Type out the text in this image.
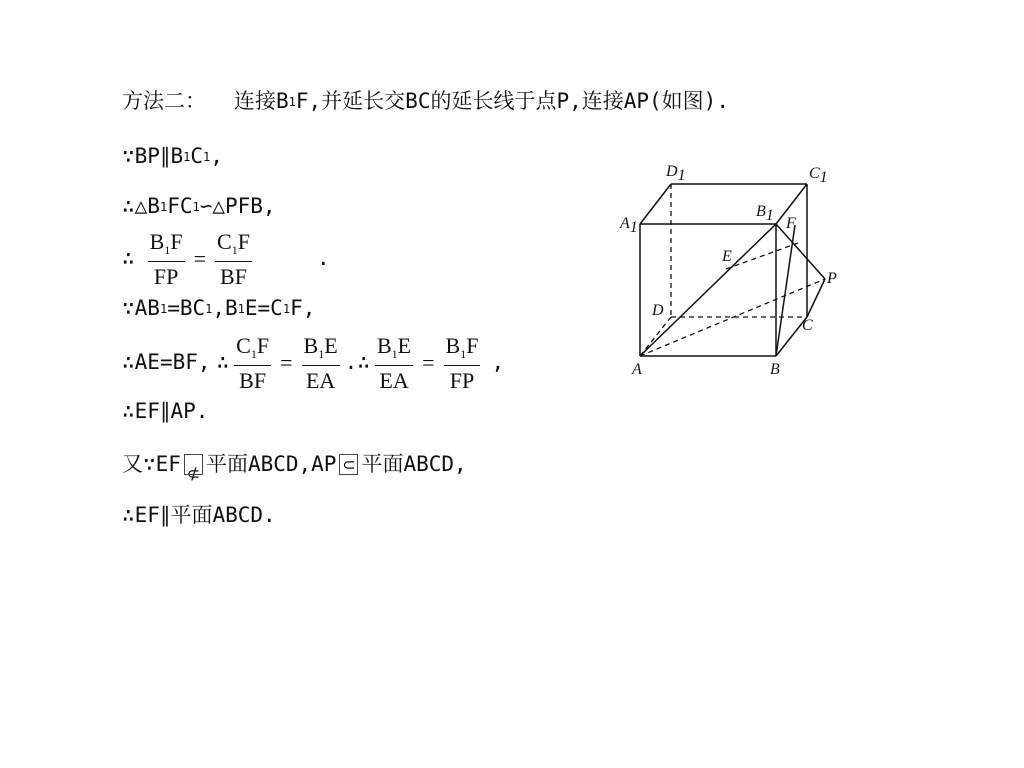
方法二： 连接B 1 F,并延长交BC的延长线于点P,连接AP(如图).
∵ BP∥B 1 C 1 ,
∴ △B 1 FC 1 ∽△PFB,
∴ $\frac{B_1F}{FP} = \frac{C_1F}{BF}$	.
∵ AB 1 =BC 1 ,B 1 E=C 1 F,
∴ AE=BF, ∴ $\frac{C_1F}{BF} = \frac{B_1E}{EA}$ .∴ $\frac{B_1E}{EA} = \frac{B_1F}{FP}$ ,
∴ EF∥AP.
又 ∵ EF ⊄ 平面ABCD,AP ⊂ 平面ABCD,
∴ EF∥平面ABCD.
D1	C1
A1
B1 F
E
P
D
C
A	B
